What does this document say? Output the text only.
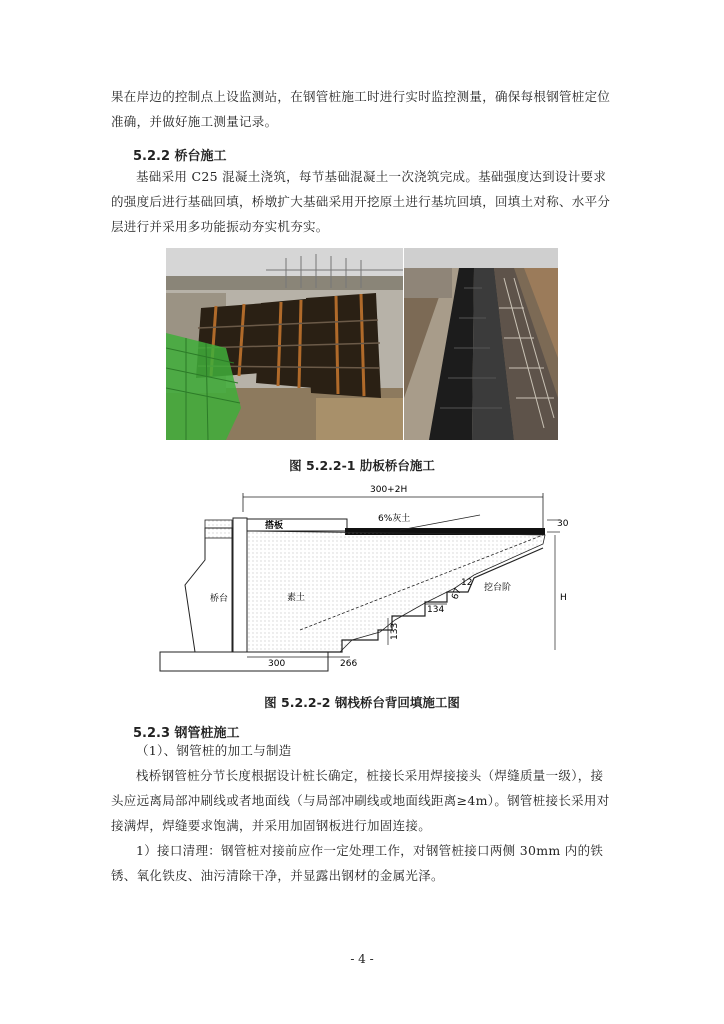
果在岸边的控制点上设监测站，在钢管桩施工时进行实时监控测量，确保每根钢管桩定位准确，并做好施工测量记录。

5.2.2 桥台施工

基础采用 C25 混凝土浇筑，每节基础混凝土一次浇筑完成。基础强度达到设计要求的强度后进行基础回填，桥墩扩大基础采用开挖原土进行基坑回填，回填土对称、水平分层进行并采用多功能振动夯实机夯实。

图 5.2.2-1 肋板桥台施工
300+2H
搭板
6%灰土	30
桥台	素土
挖台阶
H
300	266
134
133
67
12
图 5.2.2-2 钢栈桥台背回填施工图

5.2.3 钢管桩施工

（1）、钢管桩的加工与制造

栈桥钢管桩分节长度根据设计桩长确定，桩接长采用焊接接头（焊缝质量一级），接头应远离局部冲刷线或者地面线（与局部冲刷线或地面线距离≥4m）。钢管桩接长采用对接满焊，焊缝要求饱满，并采用加固钢板进行加固连接。

1）接口清理：钢管桩对接前应作一定处理工作，对钢管桩接口两侧 30mm 内的铁锈、氧化铁皮、油污清除干净，并显露出钢材的金属光泽。

- 4 -
